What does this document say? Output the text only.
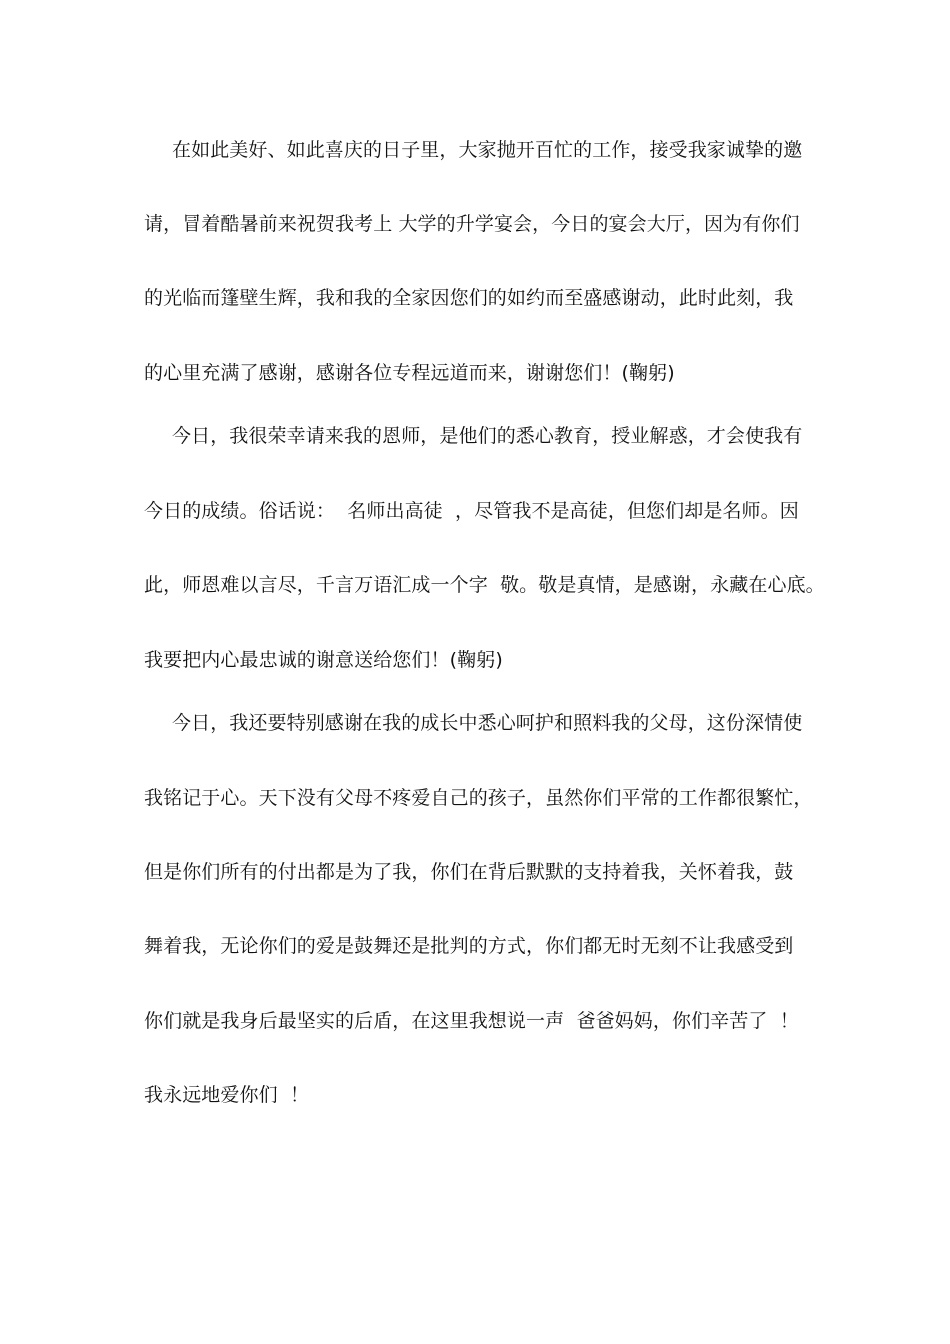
在如此美好、如此喜庆的日子里，大家抛开百忙的工作，接受我家诚挚的邀
请，冒着酷暑前来祝贺我考上 大学的升学宴会，今日的宴会大厅，因为有你们
的光临而篷壁生辉，我和我的全家因您们的如约而至盛感谢动，此时此刻，我
的心里充满了感谢，感谢各位专程远道而来，谢谢您们！(鞠躬)
今日，我很荣幸请来我的恩师，是他们的悉心教育，授业解惑，才会使我有
今日的成绩。俗话说：  名师出高徒  ，尽管我不是高徒，但您们却是名师。因
此，师恩难以言尽，千言万语汇成一个字  敬。敬是真情，是感谢，永藏在心底。
我要把内心最忠诚的谢意送给您们！(鞠躬)
今日，我还要特别感谢在我的成长中悉心呵护和照料我的父母，这份深情使
我铭记于心。天下没有父母不疼爱自己的孩子，虽然你们平常的工作都很繁忙，
但是你们所有的付出都是为了我，你们在背后默默的支持着我，关怀着我，鼓
舞着我，无论你们的爱是鼓舞还是批判的方式，你们都无时无刻不让我感受到
你们就是我身后最坚实的后盾，在这里我想说一声  爸爸妈妈，你们辛苦了  ！
我永远地爱你们  ！
